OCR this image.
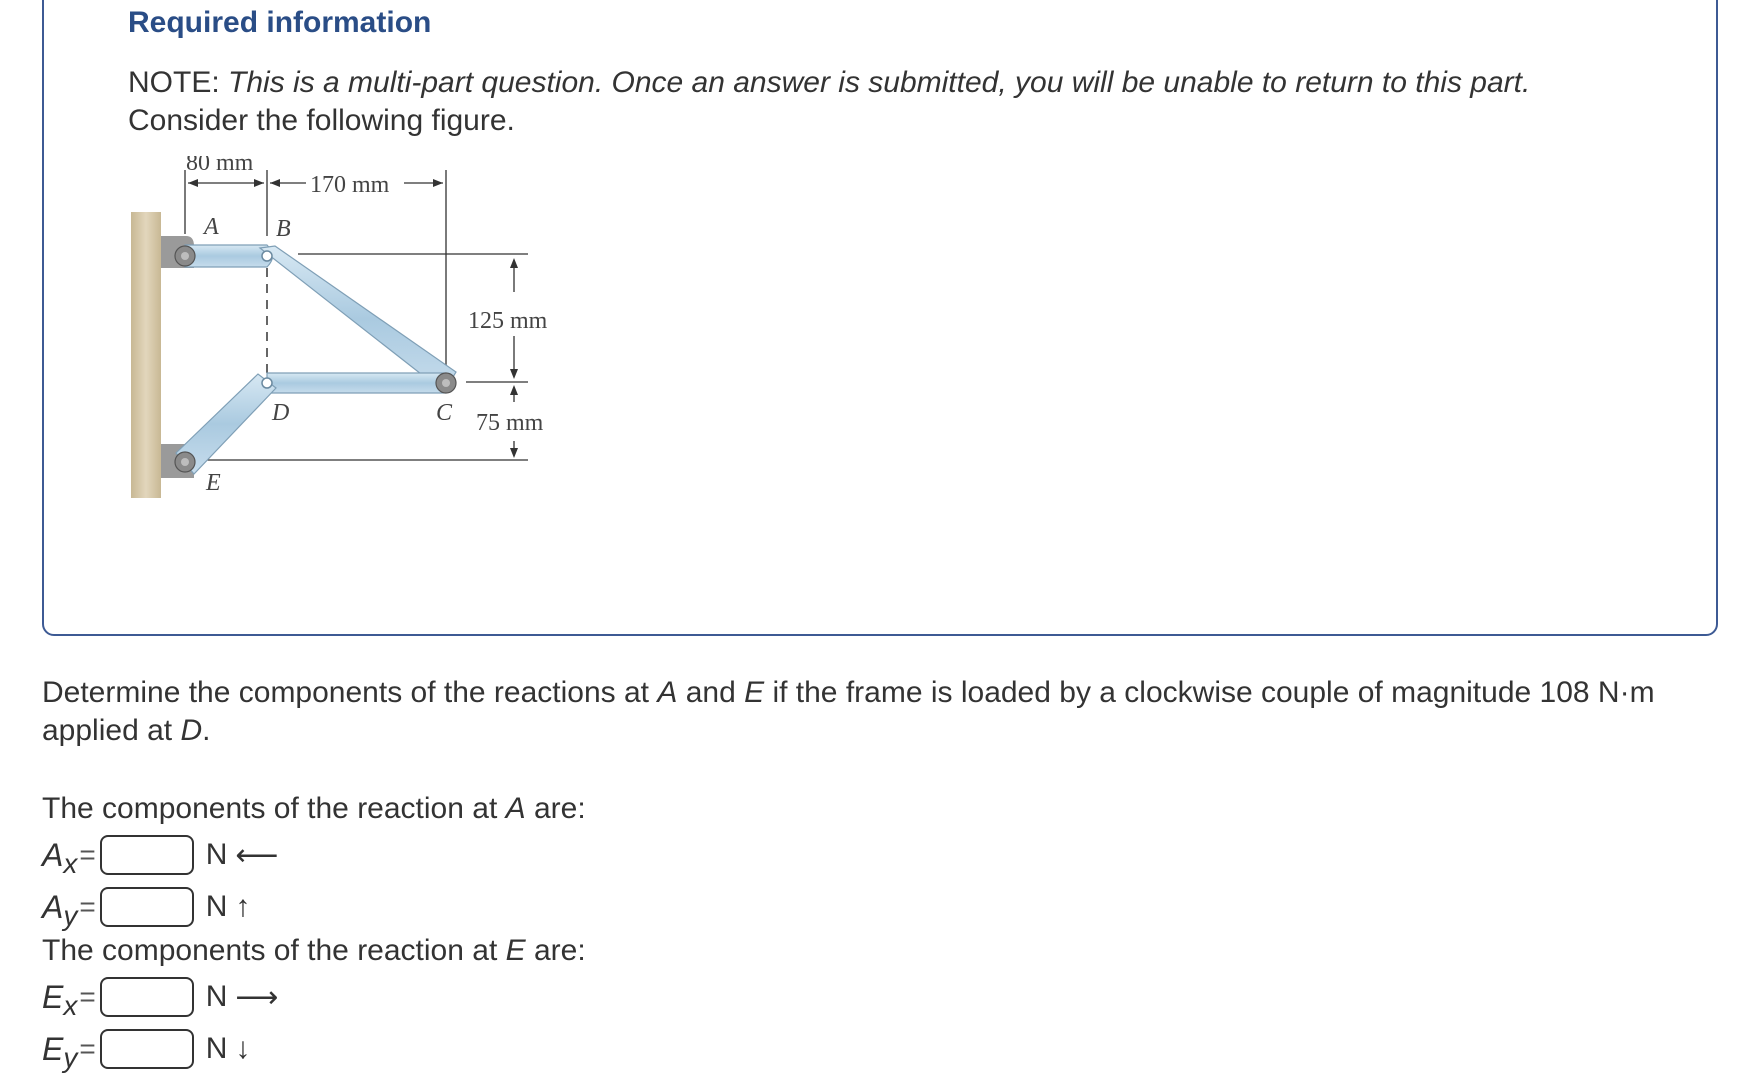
Required information
NOTE: This is a multi-part question. Once an answer is submitted, you will be unable to return to this part.
Consider the following figure.
80 mm
170 mm
125 mm
75 mm
A B
C
D
E
Determine the components of the reactions at A and E if the frame is loaded by a clockwise couple of magnitude 108 N·m
applied at D.
The components of the reaction at A are:
A x =	N ⟵
A y =	N ↑
The components of the reaction at E are:
E x =	N ⟶
E y =	N ↓
